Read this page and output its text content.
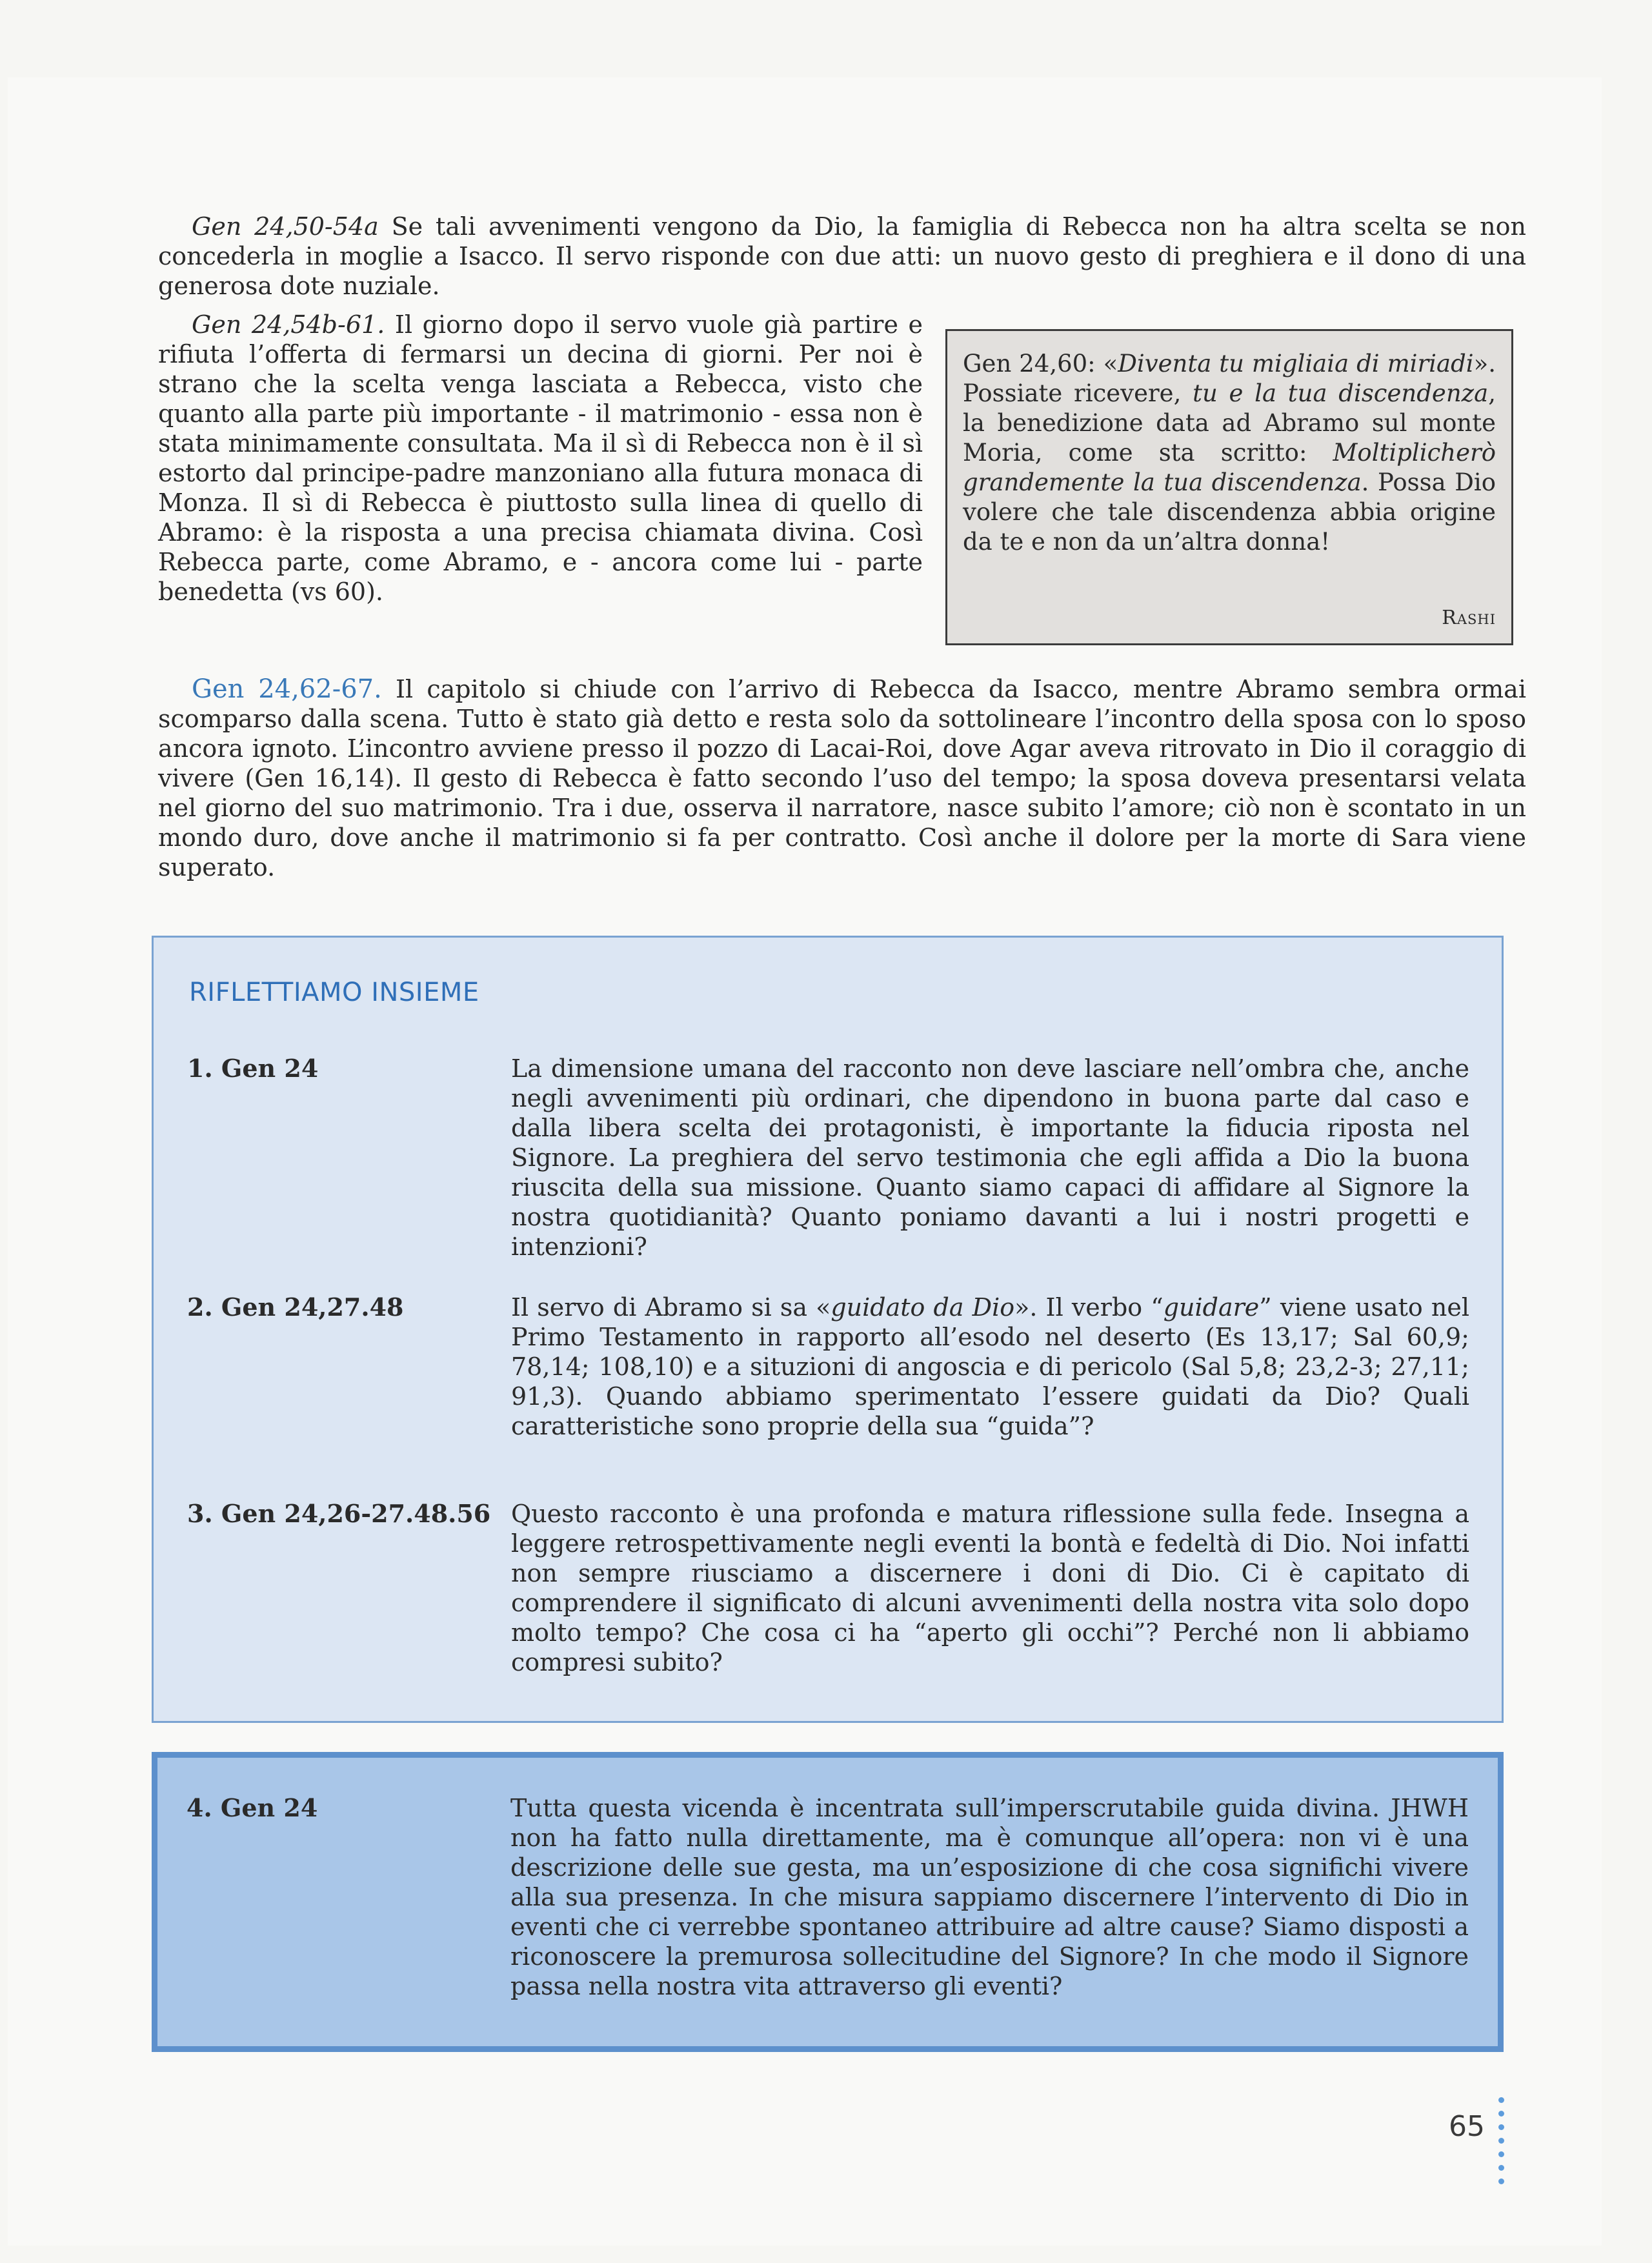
Gen 24,50-54a Se tali avvenimenti vengono da Dio, la famiglia di Rebecca non ha altra scelta se non concederla in moglie a Isacco. Il servo risponde con due atti: un nuovo gesto di preghiera e il dono di una generosa dote nuziale.

Gen 24,54b-61. Il giorno dopo il servo vuole già partire e rifiuta l’offerta di fermarsi un decina di giorni. Per noi è strano che la scelta venga lasciata a Rebecca, visto che quanto alla parte più importante - il matrimonio - essa non è stata minimamente consultata. Ma il sì di Rebecca non è il sì estorto dal principe-padre manzoniano alla futura monaca di Monza. Il sì di Rebecca è piuttosto sulla linea di quello di Abramo: è la risposta a una precisa chiamata divina. Così Rebecca parte, come Abramo, e - ancora come lui - parte benedetta (vs 60).

Gen 24,60: «Diventa tu migliaia di miriadi». Possiate ricevere, tu e la tua discendenza, la benedizione data ad Abramo sul monte Moria, come sta scritto: Moltiplicherò grandemente la tua discendenza. Possa Dio volere che tale discendenza abbia origine da te e non da un’altra donna!
Rashi

Gen 24,62-67. Il capitolo si chiude con l’arrivo di Rebecca da Isacco, mentre Abramo sembra ormai scomparso dalla scena. Tutto è stato già detto e resta solo da sottolineare l’incontro della sposa con lo sposo ancora ignoto. L’incontro avviene presso il pozzo di Lacai-Roi, dove Agar aveva ritrovato in Dio il coraggio di vivere (Gen 16,14). Il gesto di Rebecca è fatto secondo l’uso del tempo; la sposa doveva presentarsi velata nel giorno del suo matrimonio. Tra i due, osserva il narratore, nasce subito l’amore; ciò non è scontato in un mondo duro, dove anche il matrimonio si fa per contratto. Così anche il dolore per la morte di Sara viene superato.

RIFLETTIAMO INSIEME
1. Gen 24	La dimensione umana del racconto non deve lasciare nell’ombra che, anche negli avvenimenti più ordinari, che dipendono in buona parte dal caso e dalla libera scelta dei protagonisti, è importante la fiducia riposta nel Signore. La preghiera del servo testimonia che egli affida a Dio la buona riuscita della sua missione. Quanto siamo capaci di affidare al Signore la nostra quotidianità? Quanto poniamo davanti a lui i nostri progetti e intenzioni?
2. Gen 24,27.48	Il servo di Abramo si sa «guidato da Dio». Il verbo “guidare” viene usato nel Primo Testamento in rapporto all’esodo nel deserto (Es 13,17; Sal 60,9; 78,14; 108,10) e a situzioni di angoscia e di pericolo (Sal 5,8; 23,2-3; 27,11; 91,3). Quando abbiamo sperimentato l’essere guidati da Dio? Quali caratteristiche sono proprie della sua “guida”?
3. Gen 24,26-27.48.56 Questo racconto è una profonda e matura riflessione sulla fede. Insegna a leggere retrospettivamente negli eventi la bontà e fedeltà di Dio. Noi infatti non sempre riusciamo a discernere i doni di Dio. Ci è capitato di comprendere il significato di alcuni avvenimenti della nostra vita solo dopo molto tempo? Che cosa ci ha “aperto gli occhi”? Perché non li abbiamo compresi subito?
4. Gen 24	Tutta questa vicenda è incentrata sull’imperscrutabile guida divina. JHWH non ha fatto nulla direttamente, ma è comunque all’opera: non vi è una descrizione delle sue gesta, ma un’esposizione di che cosa significhi vivere alla sua presenza. In che misura sappiamo discernere l’intervento di Dio in eventi che ci verrebbe spontaneo attribuire ad altre cause? Siamo disposti a riconoscere la premurosa sollecitudine del Signore? In che modo il Signore passa nella nostra vita attraverso gli eventi?
65
